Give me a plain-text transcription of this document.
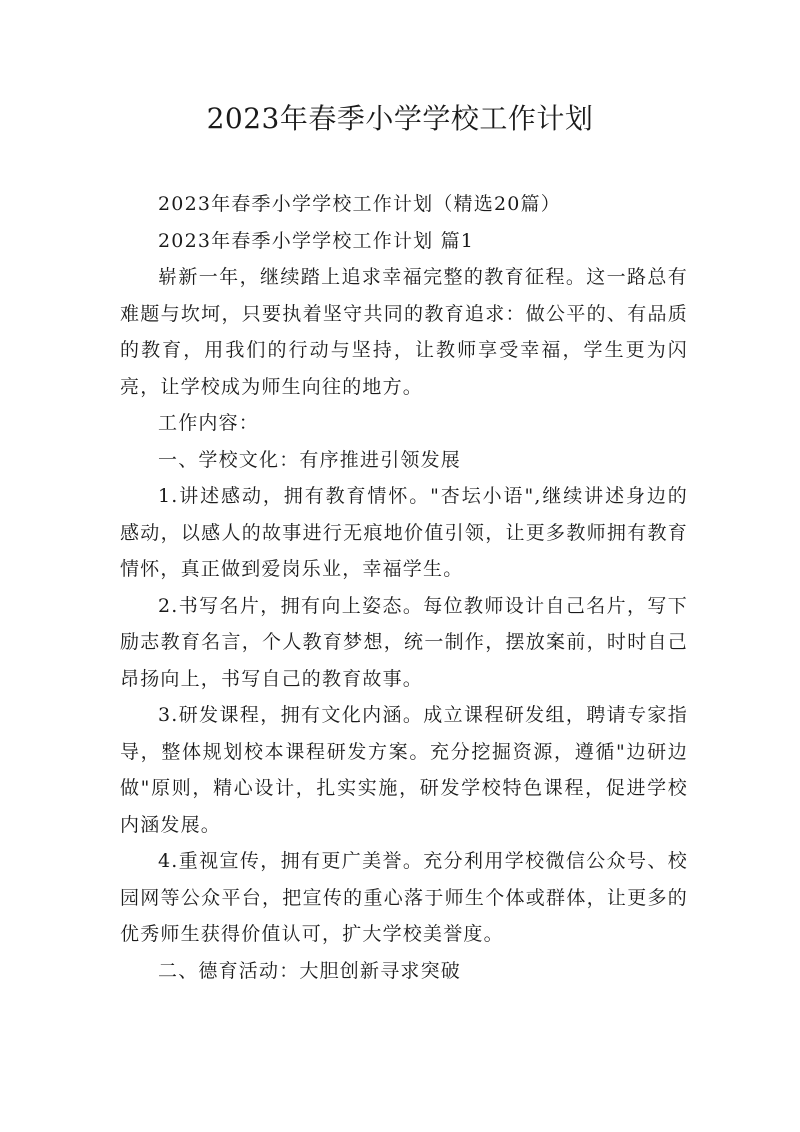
2023年春季小学学校工作计划

2023年春季小学学校工作计划（精选20篇）

2023年春季小学学校工作计划 篇1

崭新一年，继续踏上追求幸福完整的教育征程。这一路总有难题与坎坷，只要执着坚守共同的教育追求：做公平的、有品质的教育，用我们的行动与坚持，让教师享受幸福，学生更为闪亮，让学校成为师生向往的地方。

工作内容：

一、学校文化：有序推进引领发展

1.讲述感动，拥有教育情怀。"杏坛小语",继续讲述身边的感动，以感人的故事进行无痕地价值引领，让更多教师拥有教育情怀，真正做到爱岗乐业，幸福学生。

2.书写名片，拥有向上姿态。每位教师设计自己名片，写下励志教育名言，个人教育梦想，统一制作，摆放案前，时时自己昂扬向上，书写自己的教育故事。

3.研发课程，拥有文化内涵。成立课程研发组，聘请专家指导，整体规划校本课程研发方案。充分挖掘资源，遵循"边研边做"原则，精心设计，扎实实施，研发学校特色课程，促进学校内涵发展。

4.重视宣传，拥有更广美誉。充分利用学校微信公众号、校园网等公众平台，把宣传的重心落于师生个体或群体，让更多的优秀师生获得价值认可，扩大学校美誉度。

二、德育活动：大胆创新寻求突破
